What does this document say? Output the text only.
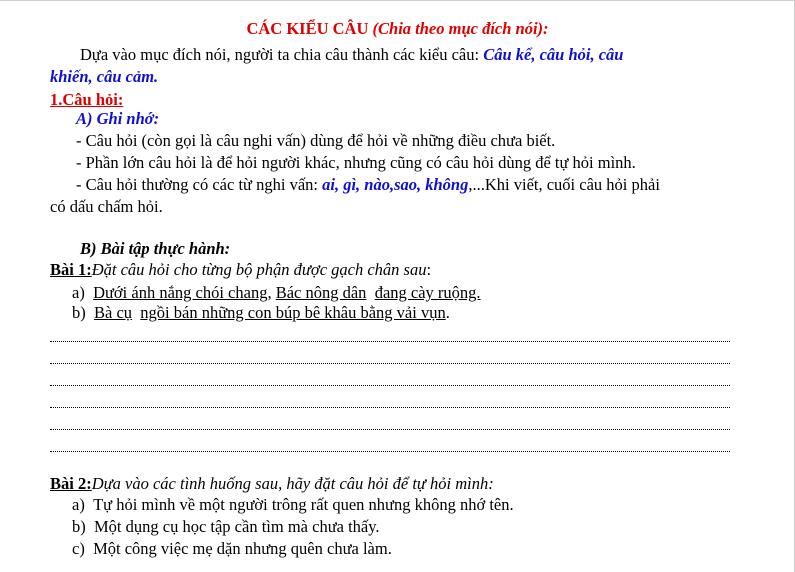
CÁC KIỂU CÂU (Chia theo mục đích nói):
Dựa vào mục đích nói, người ta chia câu thành các kiểu câu: Câu kể, câu hỏi, câu
khiến, câu cảm.
1.Câu hỏi:
A) Ghi nhớ:
- Câu hỏi (còn gọi là câu nghi vấn) dùng để hỏi về những điều chưa biết.
- Phần lớn câu hỏi là để hỏi người khác, nhưng cũng có câu hỏi dùng để tự hỏi mình.
- Câu hỏi thường có các từ nghi vấn: ai, gì, nào,sao, không,...Khi viết, cuối câu hỏi phải
có dấu chấm hỏi.
B) Bài tập thực hành:
Bài 1:Đặt câu hỏi cho từng bộ phận được gạch chân sau:
a) Dưới ánh nắng chói chang, Bác nông dân đang cày ruộng.
b) Bà cụ ngồi bán những con búp bê khâu bằng vải vụn.
Bài 2:Dựa vào các tình huống sau, hãy đặt câu hỏi để tự hỏi mình:
a) Tự hỏi mình về một người trông rất quen nhưng không nhớ tên.
b) Một dụng cụ học tập cần tìm mà chưa thấy.
c) Một công việc mẹ dặn nhưng quên chưa làm.
